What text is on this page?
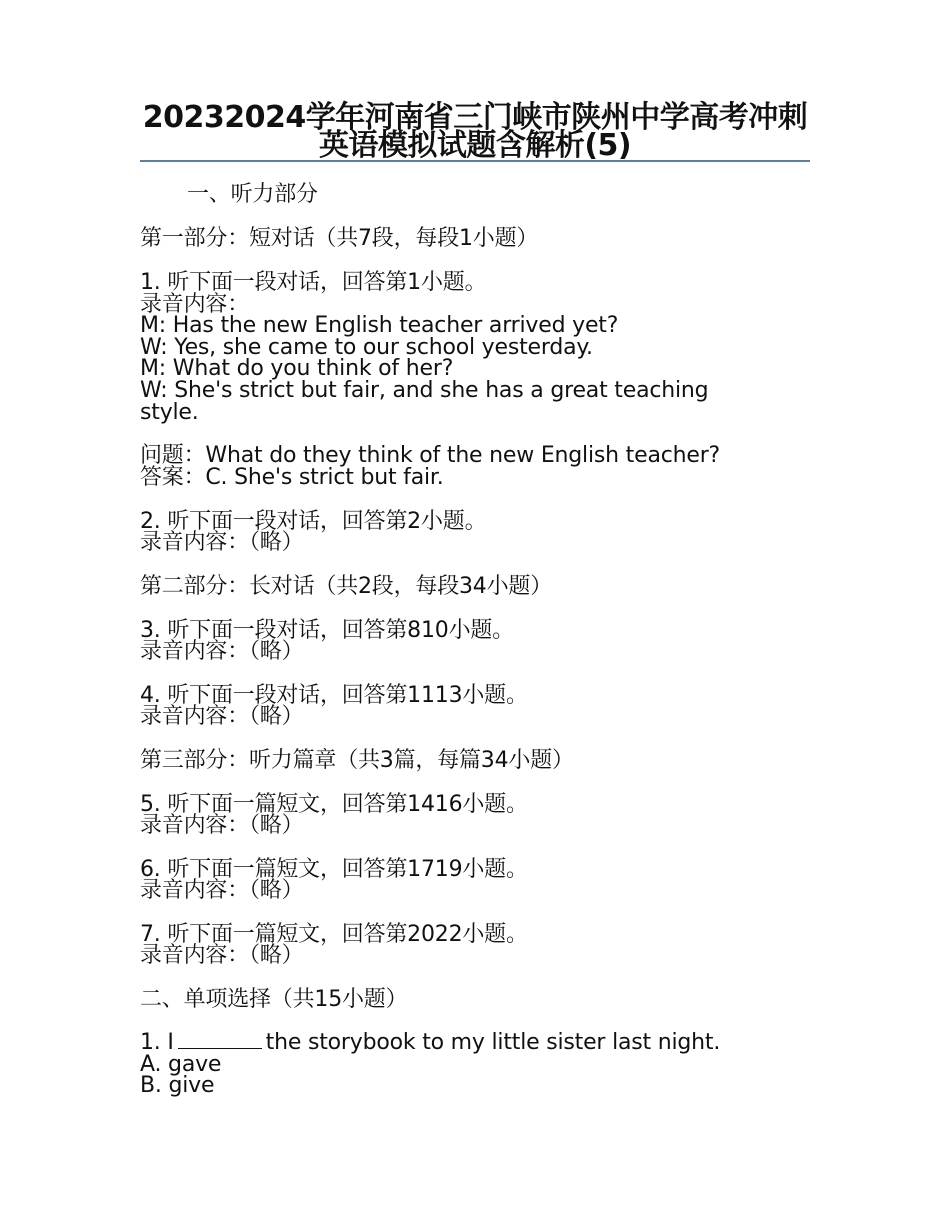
20232024学年河南省三门峡市陕州中学高考冲刺英语模拟试题含解析(5)
一、听力部分
第一部分：短对话（共7段，每段1小题）
1. 听下面一段对话，回答第1小题。
录音内容：
M: Has the new English teacher arrived yet?
W: Yes, she came to our school yesterday.
M: What do you think of her?
W: She's strict but fair, and she has a great teaching
style.
问题：What do they think of the new English teacher?
答案：C. She's strict but fair.
2. 听下面一段对话，回答第2小题。
录音内容：（略）
第二部分：长对话（共2段，每段34小题）
3. 听下面一段对话，回答第810小题。
录音内容：（略）
4. 听下面一段对话，回答第1113小题。
录音内容：（略）
第三部分：听力篇章（共3篇，每篇34小题）
5. 听下面一篇短文，回答第1416小题。
录音内容：（略）
6. 听下面一篇短文，回答第1719小题。
录音内容：（略）
7. 听下面一篇短文，回答第2022小题。
录音内容：（略）
二、单项选择（共15小题）
1. I	the storybook to my little sister last night.
A. gave
B. give
